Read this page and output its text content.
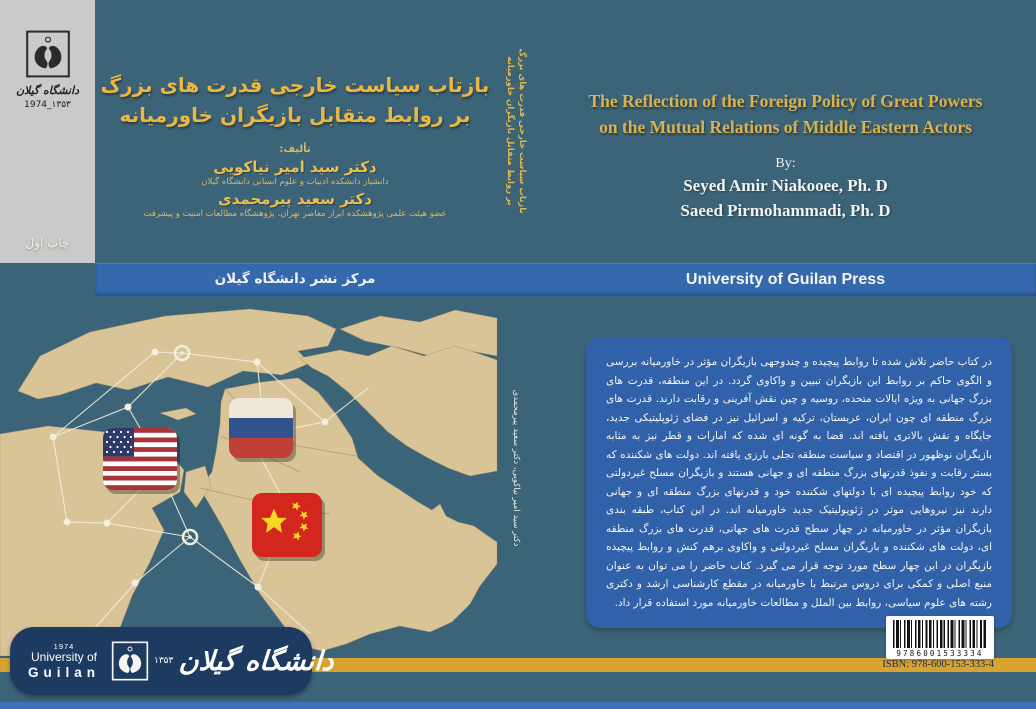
دانشگاه گیلان
۱۳۵۳_1974
چاپ اول
بازتاب سیاست خارجی قدرت های بزرگ
بر روابط متقابل بازیگران خاورمیانه
دکتر سید امیر نیاکویی، دکتر سعید پیرمحمدی
بازتاب سیاست خارجی قدرت های بزرگ
بر روابط متقابل بازیگران خاورمیانه
تألیف:
دکتر سید امیر نیاکویی
دانشیار دانشکده ادبیات و علوم انسانی دانشگاه گیلان
دکتر سعید پیرمحمدی
عضو هیئت علمی پژوهشکده ابرار معاصر تهران، پژوهشگاه مطالعات امنیت و پیشرفت
The Reflection of the Foreign Policy of Great Powers
on the Mutual Relations of Middle Eastern Actors
By:
Seyed Amir Niakooee, Ph. D
Saeed Pirmohammadi, Ph. D
مرکز نشر دانشگاه گیلان	University of Guilan Press

در کتاب حاضر تلاش شده تا روابط پیچیده و چندوجهی بازیگران مؤثر در خاورمیانه بررسی و الگوی حاکم بر روابط این بازیگران تبیین و واکاوی گردد. در این منطقه، قدرت های بزرگ جهانی به ویژه ایالات متحده، روسیه و چین نقش آفرینی و رقابت دارند. قدرت های بزرگ منطقه ای چون ایران، عربستان، ترکیه و اسرائیل نیز در فضای ژئوپلیتیکی جدید، جایگاه و نقش بالاتری یافته اند. فضا به گونه ای شده که امارات و قطر نیز به مثابه بازیگران نوظهور در اقتصاد و سیاست منطقه تجلی بارزی یافته اند. دولت های شکننده که بستر رقابت و نفوذ قدرتهای بزرگ منطقه ای و جهانی هستند و بازیگران مسلح غیردولتی که خود روابط پیچیده ای با دولتهای شکننده خود و قدرتهای بزرگ منطقه ای و جهانی دارند نیز نیروهایی موثر در ژئوپولیتیک جدید خاورمیانه اند. در این کتاب، طبقه بندی بازیگران مؤثر در خاورمیانه در چهار سطح قدرت های جهانی، قدرت های بزرگ منطقه ای، دولت های شکننده و بازیگران مسلح غیردولتی و واکاوی برهم کنش و روابط پیچیده بازیگران در این چهار سطح مورد توجه قرار می گیرد. کتاب حاضر را می توان به عنوان منبع اصلی و کمکی برای دروس مرتبط با خاورمیانه در مقطع کارشناسی ارشد و دکتری رشته های علوم سیاسی، روابط بین الملل و مطالعات خاورمیانه مورد استفاده قرار داد.

ISBN: 978-600-153-333-4
9786001533334
1974
University of
Guilan
۱۳۵۳ دانشگاه گیلان
